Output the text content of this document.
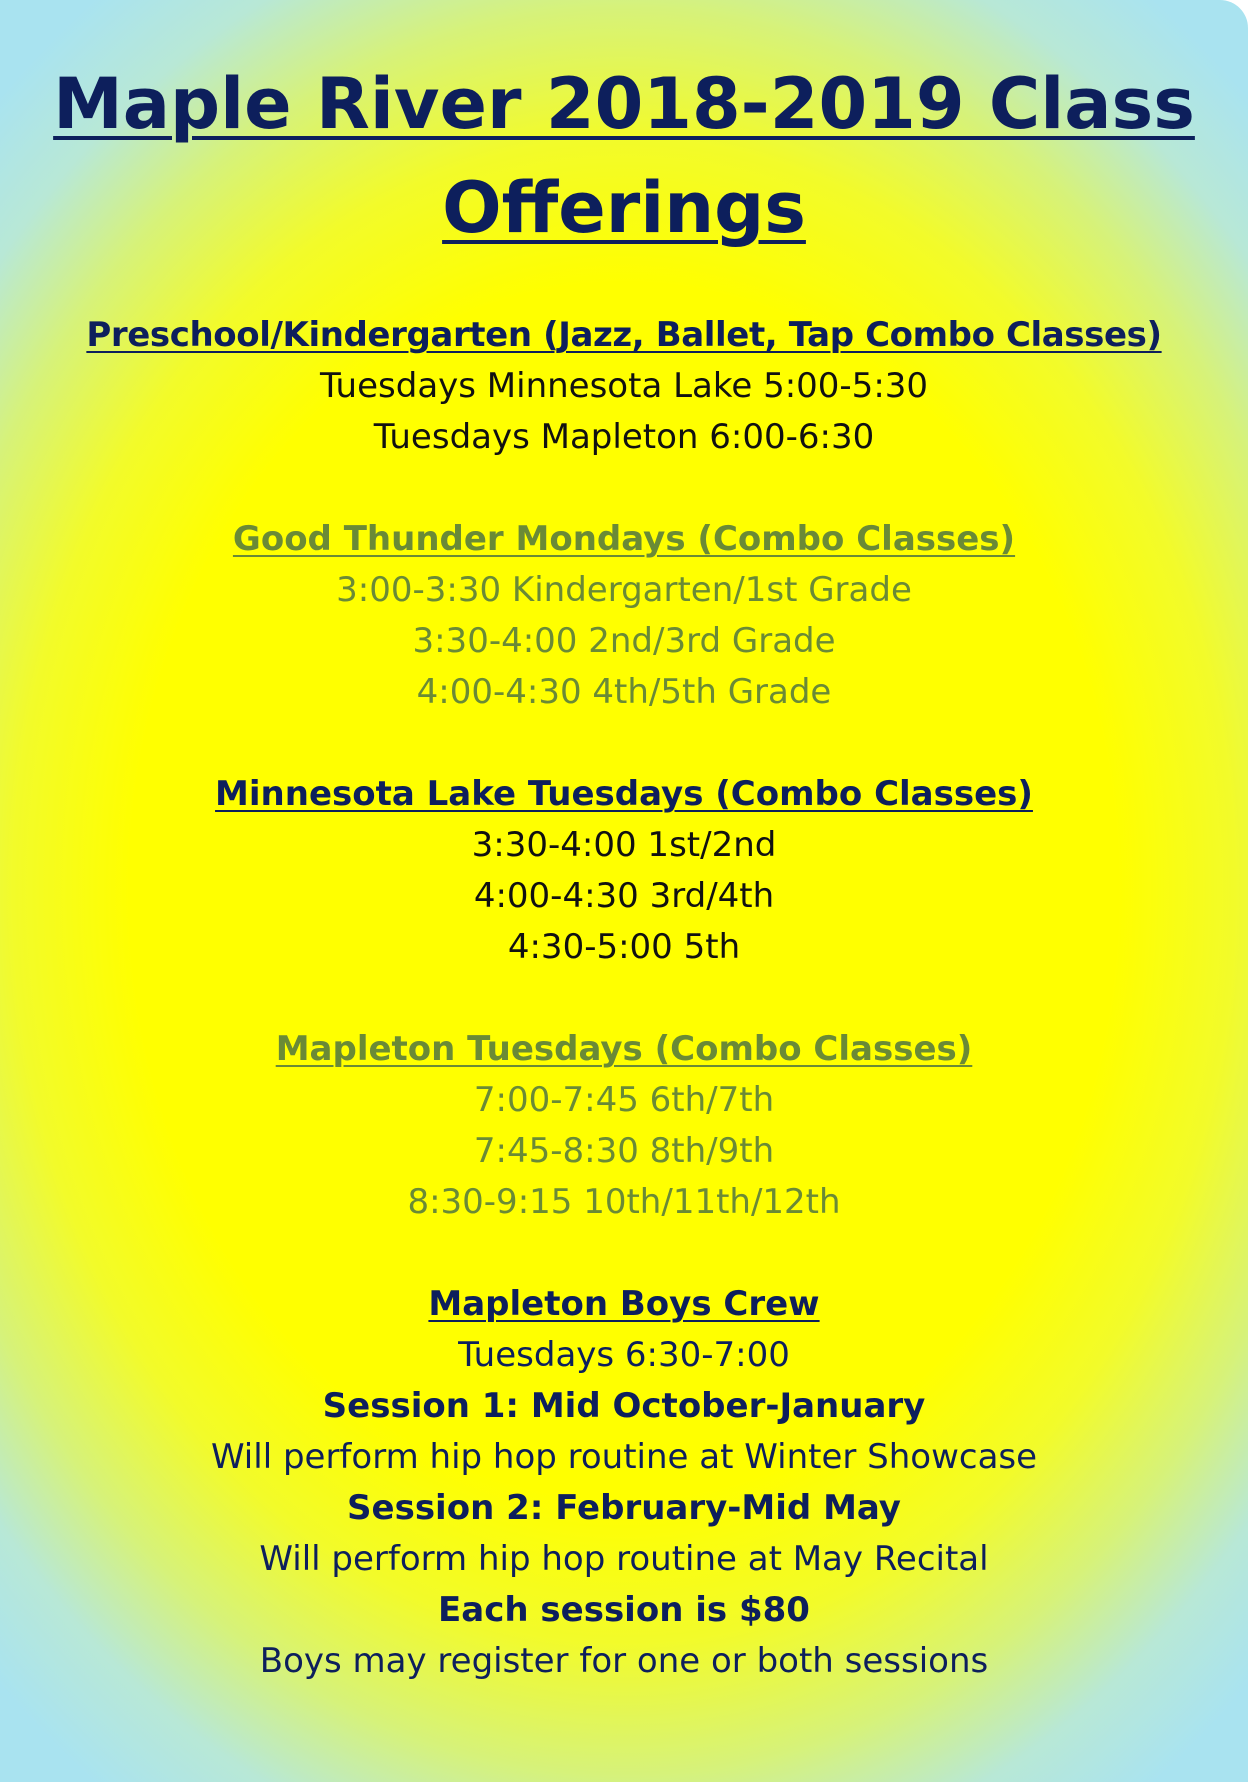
Maple River 2018-2019 Class
Offerings
Preschool/Kindergarten (Jazz, Ballet, Tap Combo Classes)
Tuesdays Minnesota Lake 5:00-5:30
Tuesdays Mapleton 6:00-6:30
Good Thunder Mondays (Combo Classes)
3:00-3:30 Kindergarten/1st Grade
3:30-4:00 2nd/3rd Grade
4:00-4:30 4th/5th Grade
Minnesota Lake Tuesdays (Combo Classes)
3:30-4:00 1st/2nd
4:00-4:30 3rd/4th
4:30-5:00 5th
Mapleton Tuesdays (Combo Classes)
7:00-7:45 6th/7th
7:45-8:30 8th/9th
8:30-9:15 10th/11th/12th
Mapleton Boys Crew
Tuesdays 6:30-7:00
Session 1: Mid October-January
Will perform hip hop routine at Winter Showcase
Session 2: February-Mid May
Will perform hip hop routine at May Recital
Each session is $80
Boys may register for one or both sessions
